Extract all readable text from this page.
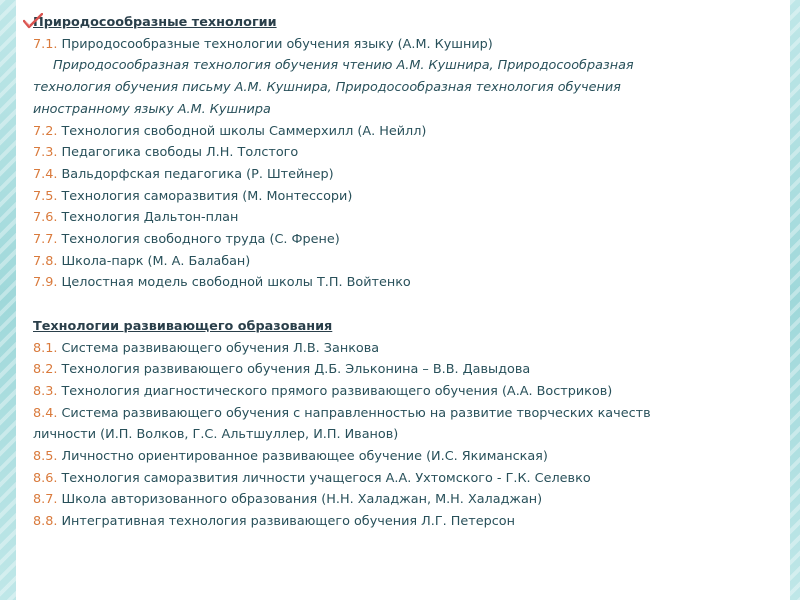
Природосообразные технологии
7.1. Природосообразные технологии обучения языку (А.М. Кушнир)
Природосообразная технология обучения чтению А.М. Кушнира, Природосообразная
технология обучения письму А.М. Кушнира, Природосообразная технология обучения
иностранному языку А.М. Кушнира
7.2. Технология свободной школы Саммерхилл (А. Нейлл)
7.3. Педагогика свободы Л.Н. Толстого
7.4. Вальдорфская педагогика (Р. Штейнер)
7.5. Технология саморазвития (М. Монтессори)
7.6. Технология Дальтон-план
7.7. Технология свободного труда (С. Френе)
7.8. Школа-парк (М. А. Балабан)
7.9. Целостная модель свободной школы Т.П. Войтенко
Технологии развивающего образования
8.1. Система развивающего обучения Л.В. Занкова
8.2. Технология развивающего обучения Д.Б. Эльконина – В.В. Давыдова
8.3. Технология диагностического прямого развивающего обучения (А.А. Востриков)
8.4. Система развивающего обучения с направленностью на развитие творческих качеств
личности (И.П. Волков, Г.С. Альтшуллер, И.П. Иванов)
8.5. Личностно ориентированное развивающее обучение (И.С. Якиманская)
8.6. Технология саморазвития личности учащегося А.А. Ухтомского - Г.К. Селевко
8.7. Школа авторизованного образования (Н.Н. Халаджан, М.Н. Халаджан)
8.8. Интегративная технология развивающего обучения Л.Г. Петерсон
